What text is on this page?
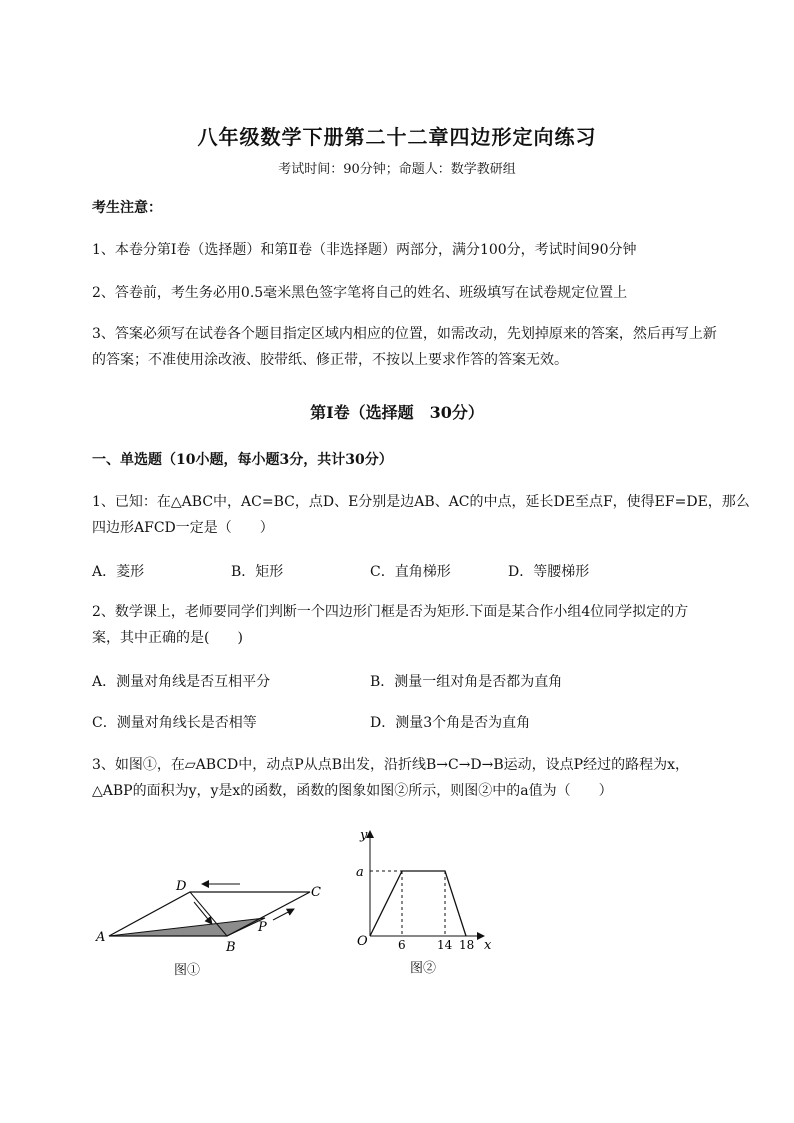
八年级数学下册第二十二章四边形定向练习
考试时间：90分钟；命题人：数学教研组
考生注意：
1、本卷分第I卷（选择题）和第Ⅱ卷（非选择题）两部分，满分100分，考试时间90分钟
2、答卷前，考生务必用0.5毫米黑色签字笔将自己的姓名、班级填写在试卷规定位置上
3、答案必须写在试卷各个题目指定区域内相应的位置，如需改动，先划掉原来的答案，然后再写上新
的答案；不准使用涂改液、胶带纸、修正带，不按以上要求作答的答案无效。
第I卷（选择题　30分）
一、单选题（10小题，每小题3分，共计30分）
1、已知：在△ABC中，AC=BC，点D、E分别是边AB、AC的中点，延长DE至点F，使得EF=DE，那么
四边形AFCD一定是（　　）
A．菱形	B．矩形	C．直角梯形	D．等腰梯形
2、数学课上，老师要同学们判断一个四边形门框是否为矩形.下面是某合作小组4位同学拟定的方
案，其中正确的是(　　)
A．测量对角线是否互相平分	B．测量一组对角是否都为直角
C．测量对角线长是否相等	D．测量3个角是否为直角
3、如图①，在▱ABCD中，动点P从点B出发，沿折线B→C→D→B运动，设点P经过的路程为x，
△ABP的面积为y，y是x的函数，函数的图象如图②所示，则图②中的a值为（　　）
A
B
C
D
P
图①
y
a
O	6	14 18 x
图②
